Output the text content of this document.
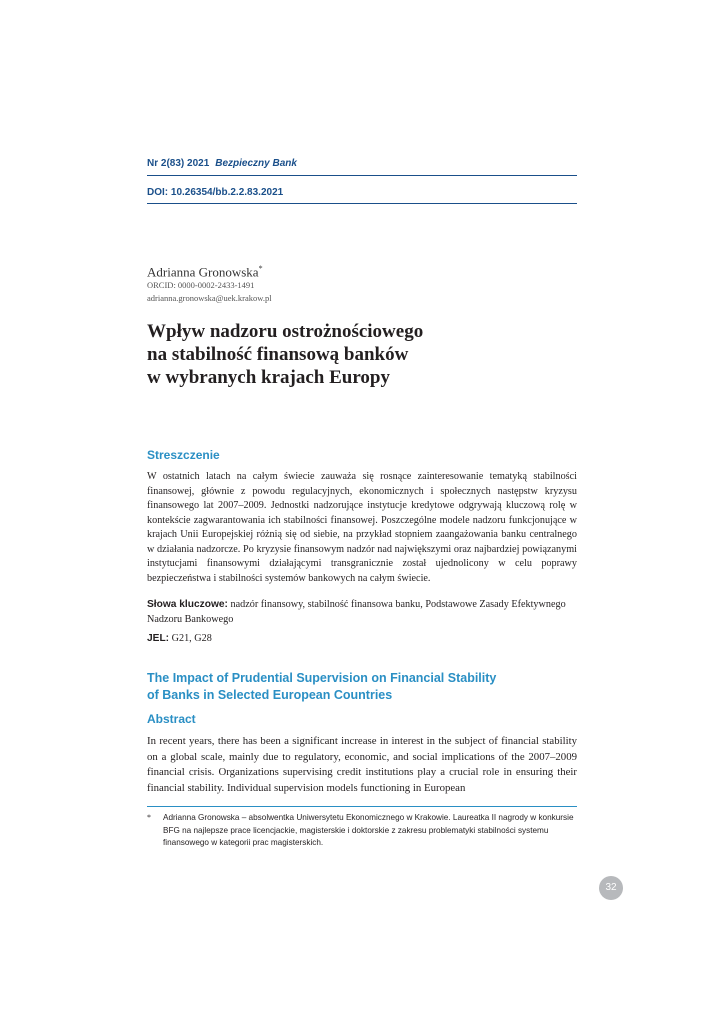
Nr 2(83) 2021 Bezpieczny Bank
DOI: 10.26354/bb.2.2.83.2021
Adrianna Gronowska*
ORCID: 0000-0002-2433-1491
adrianna.gronowska@uek.krakow.pl
Wpływ nadzoru ostrożnościowego
na stabilność finansową banków
w wybranych krajach Europy
Streszczenie
W ostatnich latach na całym świecie zauważa się rosnące zainteresowanie tematyką stabilności finansowej, głównie z powodu regulacyjnych, ekonomicznych i społecznych następstw kryzysu finansowego lat 2007–2009. Jednostki nadzorujące instytucje kredytowe odgrywają kluczową rolę w kontekście zagwarantowania ich stabilności finansowej. Poszczególne modele nadzoru funkcjonujące w krajach Unii Europejskiej różnią się od siebie, na przykład stopniem zaangażowania banku centralnego w działania nadzorcze. Po kryzysie finansowym nadzór nad największymi oraz najbardziej powiązanymi instytucjami finansowymi działającymi transgranicznie został ujednolicony w celu poprawy bezpieczeństwa i stabilności systemów bankowych na całym świecie.
Słowa kluczowe: nadzór finansowy, stabilność finansowa banku, Podstawowe Zasady Efektywnego Nadzoru Bankowego
JEL: G21, G28
The Impact of Prudential Supervision on Financial Stability
of Banks in Selected European Countries
Abstract
In recent years, there has been a significant increase in interest in the subject of financial stability on a global scale, mainly due to regulatory, economic, and social implications of the 2007–2009 financial crisis. Organizations supervising credit institutions play a crucial role in ensuring their financial stability. Individual supervision models functioning in European
* Adrianna Gronowska – absolwentka Uniwersytetu Ekonomicznego w Krakowie. Laureatka II nagrody w konkursie BFG na najlepsze prace licencjackie, magisterskie i doktorskie z zakresu problematyki stabilności systemu finansowego w kategorii prac magisterskich.
32
